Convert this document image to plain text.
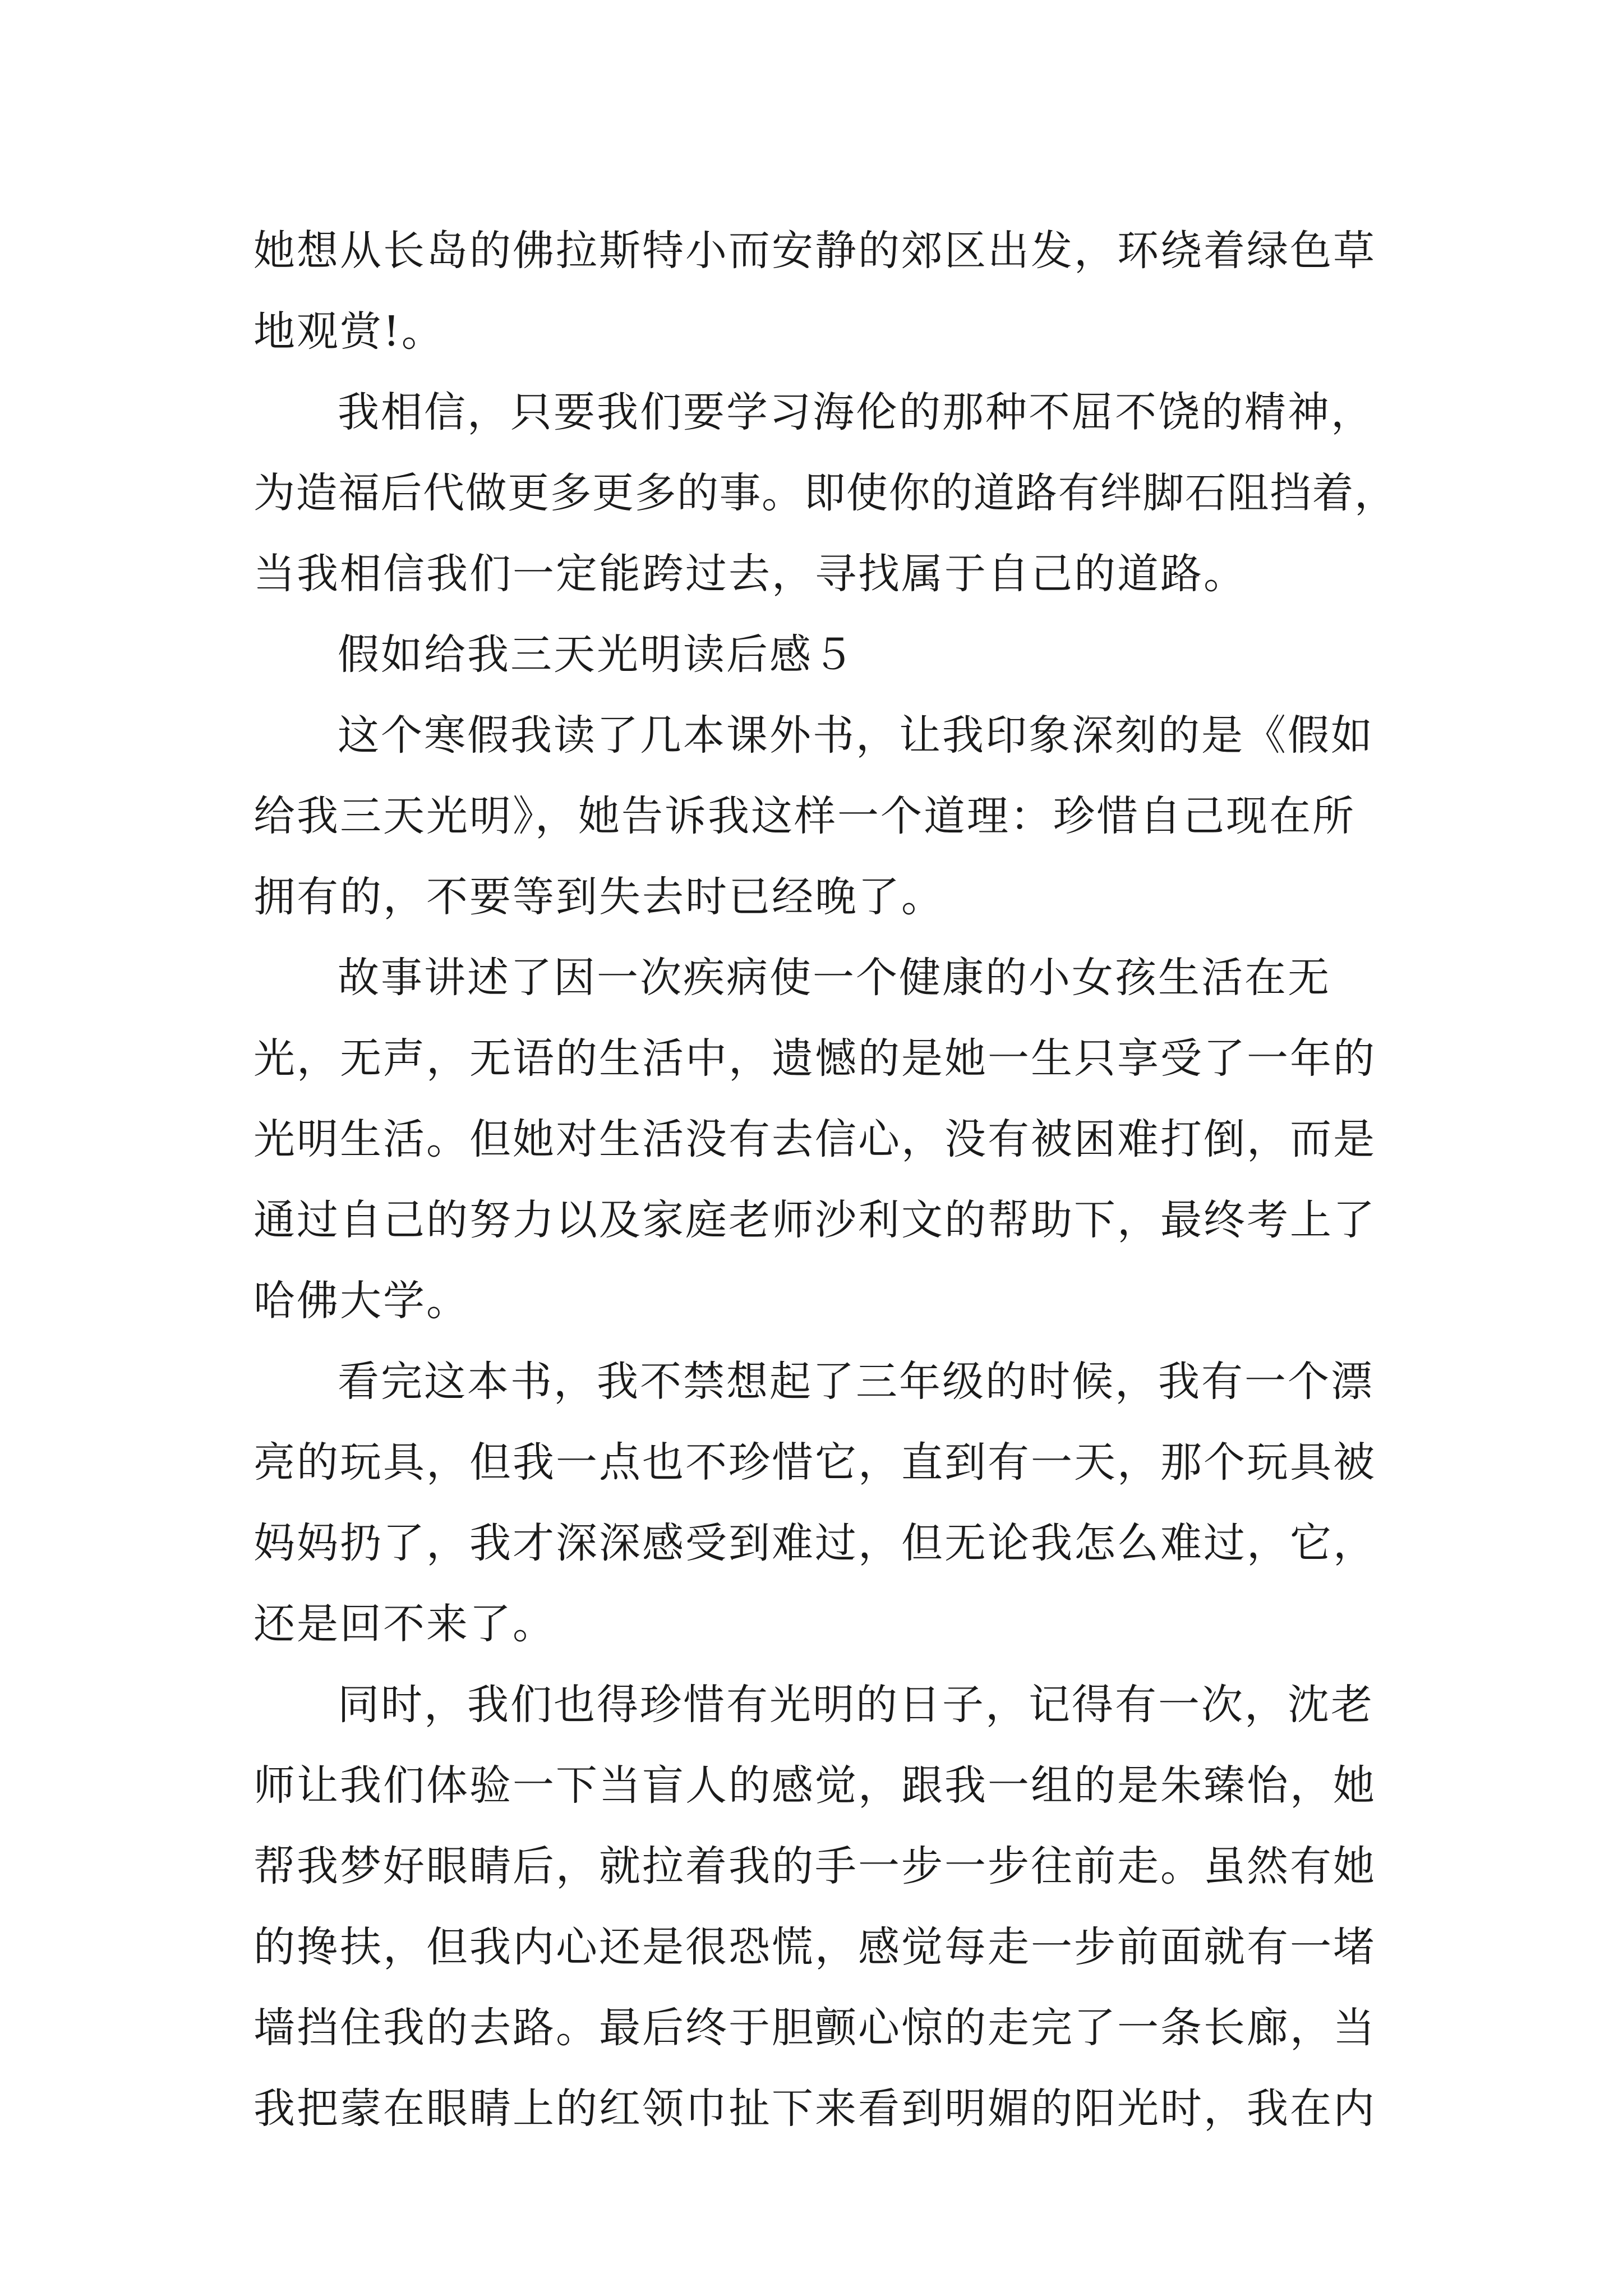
她想从长岛的佛拉斯特小而安静的郊区出发，环绕着绿色草
地观赏!。
我相信，只要我们要学习海伦的那种不屈不饶的精神，
为造福后代做更多更多的事。即使你的道路有绊脚石阻挡着，
当我相信我们一定能跨过去，寻找属于自己的道路。
假如给我三天光明读后感５
这个寒假我读了几本课外书，让我印象深刻的是《假如
给我三天光明》，她告诉我这样一个道理：珍惜自己现在所
拥有的，不要等到失去时已经晚了。
故事讲述了因一次疾病使一个健康的小女孩生活在无
光，无声，无语的生活中，遗憾的是她一生只享受了一年的
光明生活。但她对生活没有去信心，没有被困难打倒，而是
通过自己的努力以及家庭老师沙利文的帮助下，最终考上了
哈佛大学。
看完这本书，我不禁想起了三年级的时候，我有一个漂
亮的玩具，但我一点也不珍惜它，直到有一天，那个玩具被
妈妈扔了，我才深深感受到难过，但无论我怎么难过，它，
还是回不来了。
同时，我们也得珍惜有光明的日子，记得有一次，沈老
师让我们体验一下当盲人的感觉，跟我一组的是朱臻怡，她
帮我梦好眼睛后，就拉着我的手一步一步往前走。虽然有她
的搀扶，但我内心还是很恐慌，感觉每走一步前面就有一堵
墙挡住我的去路。最后终于胆颤心惊的走完了一条长廊，当
我把蒙在眼睛上的红领巾扯下来看到明媚的阳光时，我在内
